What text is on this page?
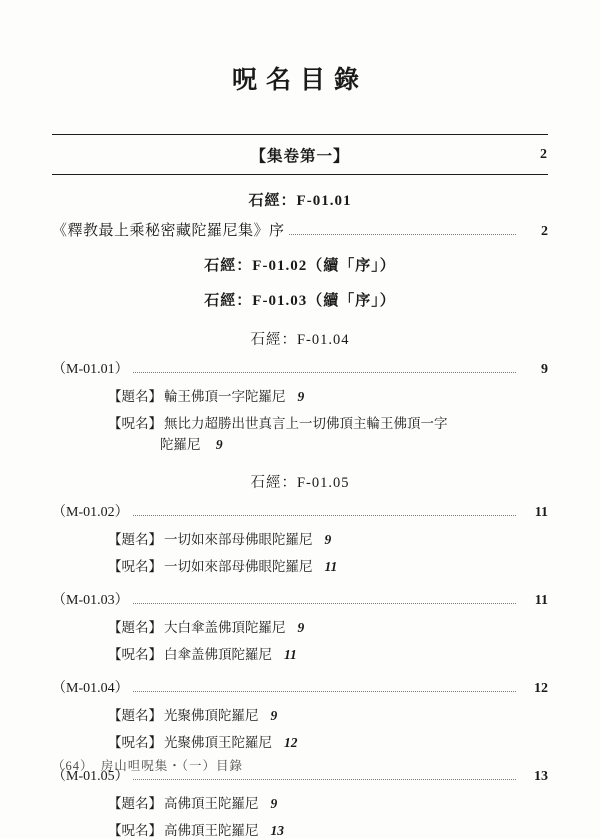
呪名目錄
【集卷第一】	2
石經：F-01.01
《釋教最上乘秘密藏陀羅尼集》序	2
石經：F-01.02（續「序」）
石經：F-01.03（續「序」）
石經：F-01.04
（M-01.01）	9
【題名】 輪王佛頂一字陀羅尼 9
【呪名】 無比力超勝出世真言上一切佛頂主輪王佛頂一字
陀羅尼 9
石經：F-01.05
（M-01.02）	11
【題名】 一切如來部母佛眼陀羅尼 9
【呪名】 一切如來部母佛眼陀羅尼 11
（M-01.03）	11
【題名】 大白傘盖佛頂陀羅尼 9
【呪名】 白傘盖佛頂陀羅尼 11
（M-01.04）	12
【題名】 光聚佛頂陀羅尼 9
【呪名】 光聚佛頂王陀羅尼 12
（M-01.05）	13
【題名】 高佛頂王陀羅尼 9
【呪名】 高佛頂王陀羅尼 13
（64）　房山呾呪集・（一）目錄
